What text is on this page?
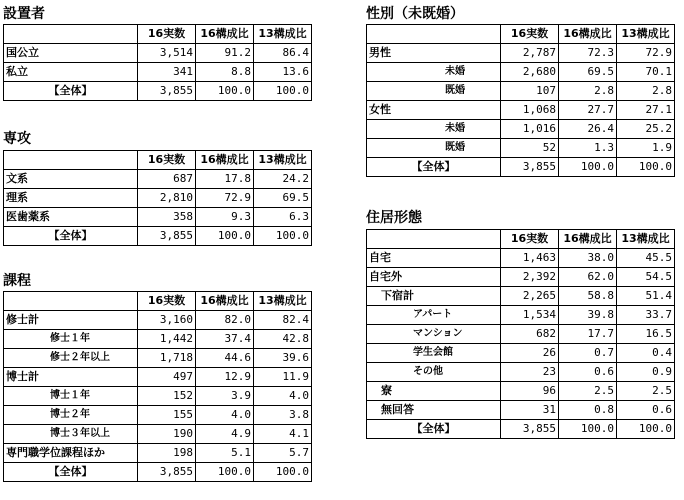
設置者
	16実数	16構成比	13構成比
国公立	3,514	91.2	86.4
私立	341	8.8	13.6
【全体】	3,855	100.0	100.0
専攻
	16実数	16構成比	13構成比
文系	687	17.8	24.2
理系	2,810	72.9	69.5
医歯薬系	358	9.3	6.3
【全体】	3,855	100.0	100.0
課程
	16実数	16構成比	13構成比
修士計	3,160	82.0	82.4
修士１年	1,442	37.4	42.8
修士２年以上	1,718	44.6	39.6
博士計	497	12.9	11.9
博士１年	152	3.9	4.0
博士２年	155	4.0	3.8
博士３年以上	190	4.9	4.1
専門職学位課程ほか	198	5.1	5.7
【全体】	3,855	100.0	100.0
性別（未既婚）
	16実数	16構成比	13構成比
男性	2,787	72.3	72.9
未婚	2,680	69.5	70.1
既婚	107	2.8	2.8
女性	1,068	27.7	27.1
未婚	1,016	26.4	25.2
既婚	52	1.3	1.9
【全体】	3,855	100.0	100.0
住居形態
	16実数	16構成比	13構成比
自宅	1,463	38.0	45.5
自宅外	2,392	62.0	54.5
下宿計	2,265	58.8	51.4
アパート	1,534	39.8	33.7
マンション	682	17.7	16.5
学生会館	26	0.7	0.4
その他	23	0.6	0.9
寮	96	2.5	2.5
無回答	31	0.8	0.6
【全体】	3,855	100.0	100.0
